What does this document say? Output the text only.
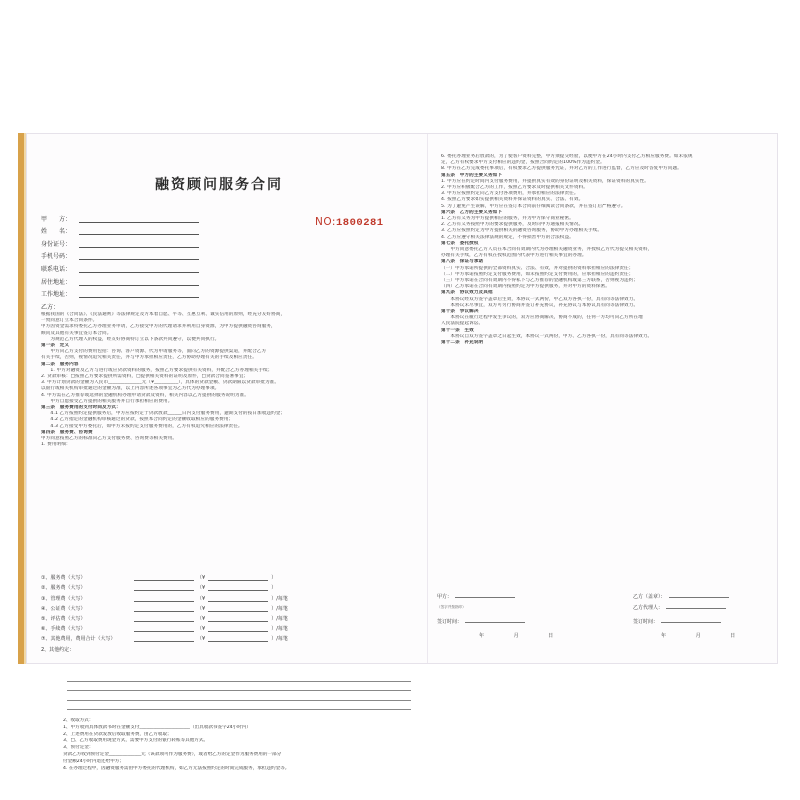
融资顾问服务合同
NO:1800281
甲　　方：
姓　　名：
身份证号：
手机号码：
联系电话：
居住地址：
工作地址：
乙方：

根据我国的《合同法》、《民法通则》等法律规定及方本着自愿、平等、互惠互利、诚实信用的原则，经充分友好协商，

一致同意订立本合同条件。

甲方因资金需求特委托乙方办理业务申请，乙方接受甲方的代理请求并利用自身资源，为甲方提供融资咨询服务，

顾问及其他有关事宜签订本合同。

　　为规范乙方代理人的权益，经友好协商特订立以下条款共同遵守，以便共同执行。

第一条　定义

　　甲方向乙方支付的费用包括：咨询、客户资源、代为申请服务等，面向乙方的资源提供渠道，并配合乙方

有关手续，否则，视情况追究相关责任，并与甲方承担相应责任，乙方协助办理有关的手续及相应责任。

第二条　服务内容

　　1. 甲方对融资及乙方与进行或应贷款资料的服务，按照乙方要求提供有关资料，并配合乙方办理相关手续；

2. 贷款审核：□按照乙方要求提供所需资料，□提供相关资料的证明及原件，□贷款合同签署事宜；

3. 甲方计划贷款的金额为人民币______________元（¥__________），具体的贷款金额、贷款期限以贷款审批为准。

以银行或相关机构审批通过的金额为准，以上内容所述各项事宜为乙方代为办理事项。

4. 甲方需在乙方推荐或选择的金融机构办理申请贷款及资料，相关内容以乙方提供的服务说明为准。

　　甲方自愿接受乙方提供的相关服务并自行承担相应的费用。

第三条　服务费用的支付时间及方式：

　　4.1 乙方按照约定提供服务后，甲方应按约定于贷款放款______日内支付服务费用，逾期支付的按日加收违约金；

　　4.2 乙方指定的金融机构审核通过的贷款，按照本合同约定的金额收取相应的服务费用；

　　4.3 乙方接受甲方委托后，如甲方未按约定支付服务费用的，乙方有权追究相应的法律责任。

第四条　服务费、咨询费

甲方同意按照乙方的标准向乙方支付服务费、咨询费等相关费用。

1. 费用明细：

①、服务费（大写）	（¥	）
②、服务费（大写）	（¥	）
③、管理费（大写）	（¥	）/每笔
④、公证费（大写）	（¥	）/每笔
⑤、评估费（大写）	（¥	）/每笔
⑥、手续费（大写）	（¥	）/每笔
⑦、其他费用，费用合计（大写）	（¥	）/每笔
2、其他约定：

2、收取方式：

1、甲方收到具体放款书时在金额支付______________________（出具收款书签字24小时内）

2、上述费用在贷款发放后收取服务费，由乙方收取；

3、□、乙方收取费用现金方式，需要甲方支付的银行转账等其他方式。

3、预付定金：

贷款乙方收到预付定金______________元（该款项可作为服务费），或者给乙方的定金作为服务费用的一部分

付金额24小时内退还给甲方；

4. 在办理过程中，因融资服务需由甲方委托的代理机构，如乙方无法按照约定的时间完成服务，承担违约金等。

6. 委托办理业务后放款的，为了使客户资料完整，甲方须提交经验，以便甲方在24小时内支付乙方相应服务费。如未依规

定，乙方有权要求甲方支付相应的违约金，按照合同约定的100%作为违约金。

8. 甲方在乙方完成委托事项后，有权要求乙方提供服务凭证，并对乙方的工作进行监督，乙方应及时答复甲方问题。

第五条　甲方的主要义务如下

1. 甲方应在约定时间内支付服务费用，并提供真实有效的身份证明及相关资料，保证资料的真实性。

2. 甲方应积极配合乙方的工作，按照乙方要求及时提供相关文件资料。

3. 甲方应按照约定向乙方支付各项费用，并承担相应的法律责任。

4. 按照乙方要求如实提供相关资料并保证资料的真实、合法、有效。

5. 为了避免产生误解，甲方应在签订本合同前仔细阅读合同条款，并在签订后严格遵守。

第六条　乙方的主要义务如下

1. 乙方有义务为甲方提供相应的服务，并为甲方保守商业秘密。

2. 乙方有义务按照甲方的要求提供服务，及时向甲方通报相关情况。

3. 乙方应按照约定为甲方提供相关的融资咨询服务，协助甲方办理相关手续。

4. 乙方应遵守相关法律法规的规定，不得损害甲方的合法权益。

第七条　委托授权

　　甲方同意委托乙方人员在本合同有效期内代为办理相关融资业务，并授权乙方代为提交相关资料，

办理有关手续，乙方有权在授权范围内代表甲方进行相关事宜的办理。

第八条　保证与承诺

（一）甲方承诺所提供的全部资料真实、合法、有效，并对提供的资料承担相应的法律责任；

（二）甲方承诺按照约定支付服务费用，如未按照约定支付费用的，应承担相应的违约责任；

（三）甲方承诺在合同有效期内不得私下与乙方推荐的金融机构或第三方联系，否则视为违约；

（四）乙方承诺在合同有效期内按照约定为甲方提供服务，并对甲方的资料保密。

第九条　协议效力及其他

　　本协议经双方签字盖章后生效，本协议一式两份，甲乙双方各执一份，具有同等法律效力。

　　本协议未尽事宜，双方可另行协商并签订补充协议，补充协议与本协议具有同等法律效力。

第十条　争议解决

　　本协议在履行过程中发生争议的，双方应协商解决，协商不成的，任何一方均可向乙方所在地

人民法院提起诉讼。

第十一条　生效

　　本协议自双方签字盖章之日起生效，本协议一式两份，甲方、乙方各执一份，具有同等法律效力。

第十二条　补充说明

甲方：
（签字并按指印）
签订时间：
年 月 日
乙方（盖章）：
乙方代理人：
签订时间：
年 月 日
